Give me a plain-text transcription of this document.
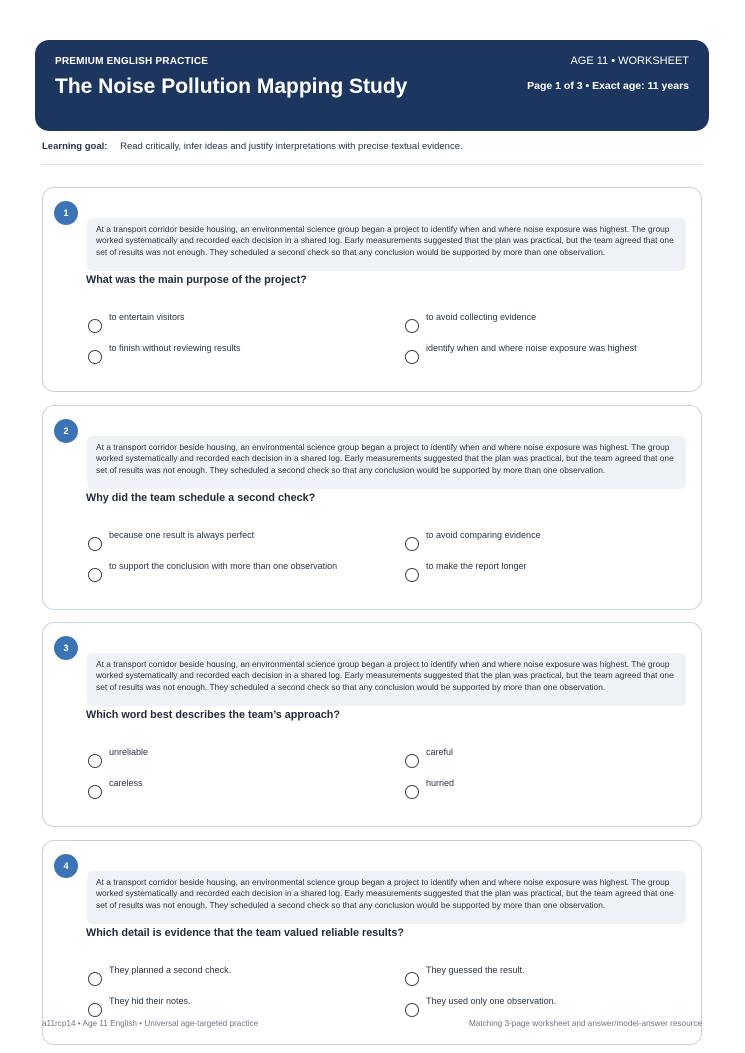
PREMIUM ENGLISH PRACTICE
The Noise Pollution Mapping Study
AGE 11 • WORKSHEET
Page 1 of 3 • Exact age: 11 years
Learning goal: Read critically, infer ideas and justify interpretations with precise textual evidence.
1
At a transport corridor beside housing, an environmental science group began a project to identify when and where noise exposure was highest. The group worked systematically and recorded each decision in a shared log. Early measurements suggested that the plan was practical, but the team agreed that one set of results was not enough. They scheduled a second check so that any conclusion would be supported by more than one observation.
What was the main purpose of the project?
to entertain visitors	to avoid collecting evidence
to finish without reviewing results	identify when and where noise exposure was highest
2
At a transport corridor beside housing, an environmental science group began a project to identify when and where noise exposure was highest. The group worked systematically and recorded each decision in a shared log. Early measurements suggested that the plan was practical, but the team agreed that one set of results was not enough. They scheduled a second check so that any conclusion would be supported by more than one observation.
Why did the team schedule a second check?
because one result is always perfect	to avoid comparing evidence
to support the conclusion with more than one observation	to make the report longer
3
At a transport corridor beside housing, an environmental science group began a project to identify when and where noise exposure was highest. The group worked systematically and recorded each decision in a shared log. Early measurements suggested that the plan was practical, but the team agreed that one set of results was not enough. They scheduled a second check so that any conclusion would be supported by more than one observation.
Which word best describes the team’s approach?
unreliable	careful
careless	hurried
4
At a transport corridor beside housing, an environmental science group began a project to identify when and where noise exposure was highest. The group worked systematically and recorded each decision in a shared log. Early measurements suggested that the plan was practical, but the team agreed that one set of results was not enough. They scheduled a second check so that any conclusion would be supported by more than one observation.
Which detail is evidence that the team valued reliable results?
They planned a second check.	They guessed the result.
They hid their notes.	They used only one observation.
a11rcp14 • Age 11 English • Universal age-targeted practice	Matching 3-page worksheet and answer/model-answer resource
